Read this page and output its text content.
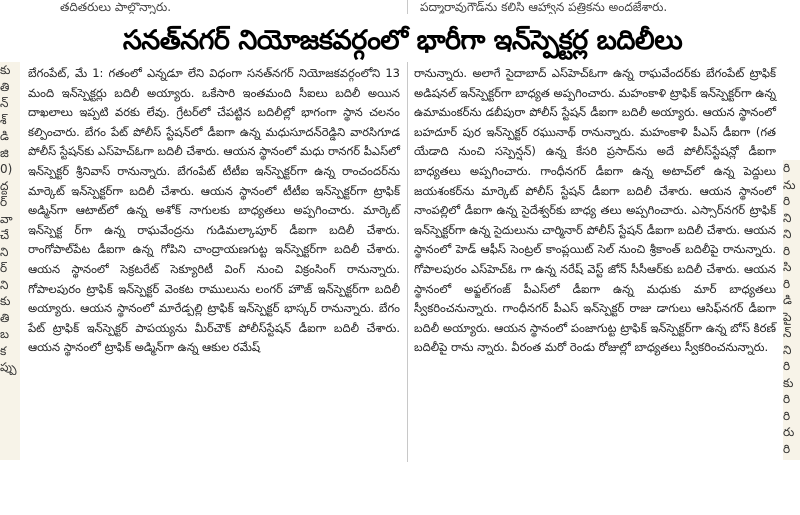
తదితరులు పాల్గొన్నారు.	పద్మారావుగౌడ్‌ను కలిసి ఆహ్వాన పత్రికను అందజేశారు.
సనత్‌నగర్ నియోజకవర్గంలో భారీగా ఇన్‌స్పెక్టర్ల బదిలీలు
కు
తి
న్
శ్
డి
జి
0)
ద్ద
ర్
వా
చే
ని
ర్
ని
కు
తి
బ
క
ప్పు
రి
ను
రి
ని
ని
రి
సి
రి
డి
పై
న్
ని
రి
కు
రి
రి
రు
రి

బేగంపేట్, మే 1: గతంలో ఎన్నడూ లేని విధంగా సనత్‌నగర్ నియోజకవర్గంలోని 13 మంది ఇన్‌స్పెక్టర్లు బదిలీ అయ్యారు. ఒకేసారి ఇంతమంది సీఐలు బదిలీ అయిన దాఖలాలు ఇప్పటి వరకు లేవు. గ్రేటర్‌లో చేపట్టిన బదిలీల్లో భాగంగా స్థాన చలనం కల్పించారు. బేగం పేట్ పోలీస్ స్టేషన్‌లో డీఐగా ఉన్న మధుసూదన్‌రెడ్డిని వారసిగూడ పోలీస్ స్టేషన్‌కు ఎస్‌హెచ్‌ఓగా బదిలీ చేశారు. ఆయన స్థానంలో మధు రానగర్ పీఎస్‌లో ఇన్‌స్పెక్టర్ శ్రీనివాస్ రానున్నారు. బేగంపేట్ టీటీఐ ఇన్‌స్పెక్టర్‌గా ఉన్న రాంచందర్‌ను మార్కెట్ ఇన్‌స్పెక్టర్‌గా బదిలీ చేశారు. ఆయన స్థానంలో టీటీఐ ఇన్‌స్పెక్టర్‌గా ట్రాఫిక్ అడ్మిన్‌గా ఆటాట్‌లో ఉన్న అశోక్ నాగులకు బాధ్యతలు అప్పగించారు. మార్కెట్ ఇన్‌స్పెక్ట ర్‌గా ఉన్న రాఘవేంద్రను గుడిమల్కాపూర్ డీఐగా బదిలీ చేశారు. రాంగోపాల్‌పేట డీఐగా ఉన్న గోపిని చాంద్రాయణగుట్ట ఇన్‌స్పెక్టర్‌గా బదిలీ చేశారు. ఆయన స్థానంలో సెక్రటరేట్ సెక్యూరిటీ వింగ్ నుంచి విక్రంసింగ్ రానున్నారు. గోపాలపురం ట్రాఫిక్ ఇన్‌స్పెక్టర్ వెంకట రాములును లంగర్ హౌజ్ ఇన్‌స్పెక్టర్‌గా బదిలీ అయ్యారు. ఆయన స్థానంలో మారేడ్పల్లి ట్రాఫిక్ ఇన్‌స్పెక్టర్ భాస్కర్ రానున్నారు. బేగం పేట్ ట్రాఫిక్ ఇన్‌స్పెక్టర్ పాపయ్యను మీర్‌చౌక్ పోలీస్‌స్టేషన్ డీఐగా బదిలీ చేశారు. ఆయన స్థానంలో ట్రాఫిక్ అడ్మిన్‌గా ఉన్న ఆకుల రమేష్

రానున్నారు. అలాగే సైదాబాద్ ఎస్‌హెచ్‌ఓగా ఉన్న రాఘవేందర్‌కు బేగంపేట్ ట్రాఫిక్ అడిషనల్ ఇన్‌స్పెక్టర్‌గా బాధ్యత అప్పగించారు. మహంకాళి ట్రాఫిక్ ఇన్‌స్పెక్టర్‌గా ఉన్న ఉమామంకర్‌ను డబీపురా పోలీస్ స్టేషన్ డీఐగా బదిలీ అయ్యారు. ఆయన స్థానంలో బహదూర్ పుర ఇన్‌స్పెక్టర్ రఘునాథ్ రానున్నారు. మహంకాళి పీఎస్ డీఐగా (గత యేడాది నుంచి సస్పెన్షన్) ఉన్న కేసరి ప్రసాద్‌ను అదే పోలీస్‌స్టేషన్లో డీఐగా బాధ్యతలు అప్పగించారు. గాంధీనగర్ డీఐగా ఉన్న అటాచ్‌లో ఉన్న పెద్దులు జయశంకర్‌ను మార్కెట్ పోలీస్ స్టేషన్ డీఐగా బదిలీ చేశారు. ఆయన స్థానంలో నాంపల్లిలో డీఐగా ఉన్న సైదేశ్వర్‌కు బాధ్య తలు అప్పగించారు. ఎస్సార్‌నగర్ ట్రాఫిక్ ఇన్‌స్పెక్టర్‌గా ఉన్న సైదులును చార్మినార్ పోలీస్ స్టేషన్ డీఐగా బదిలీ చేశారు. ఆయన స్థానంలో హెడ్ ఆఫీస్ సెంట్రల్ కాంప్లయిట్ సెల్ నుంచి శ్రీకాంత్ బదిలీపై రానున్నారు. గోపాలపురం ఎస్‌హెచ్‌ఓ గా ఉన్న నరేష్ వెస్ట్ జోన్ సీసీఆర్‌కు బదిలీ చేశారు. ఆయన స్థానంలో అఫ్జల్‌గంజ్ పీఎస్‌లో డీఐగా ఉన్న మధుకు మార్ బాధ్యతలు స్వీకరించనున్నారు. గాంధీనగర్ పీఎస్ ఇన్‌స్పెక్టర్ రాజు డాగులు ఆసిఫ్‌నగర్ డీఐగా బదిలీ అయ్యారు. ఆయన స్థానంలో పంజాగుట్ట ట్రాఫిక్ ఇన్‌స్పెక్టర్‌గా ఉన్న బోస్ కిరణ్ బదిలీపై రాను న్నారు. వీరంత మరో రెండు రోజుల్లో బాధ్యతలు స్వీకరించనున్నారు.
